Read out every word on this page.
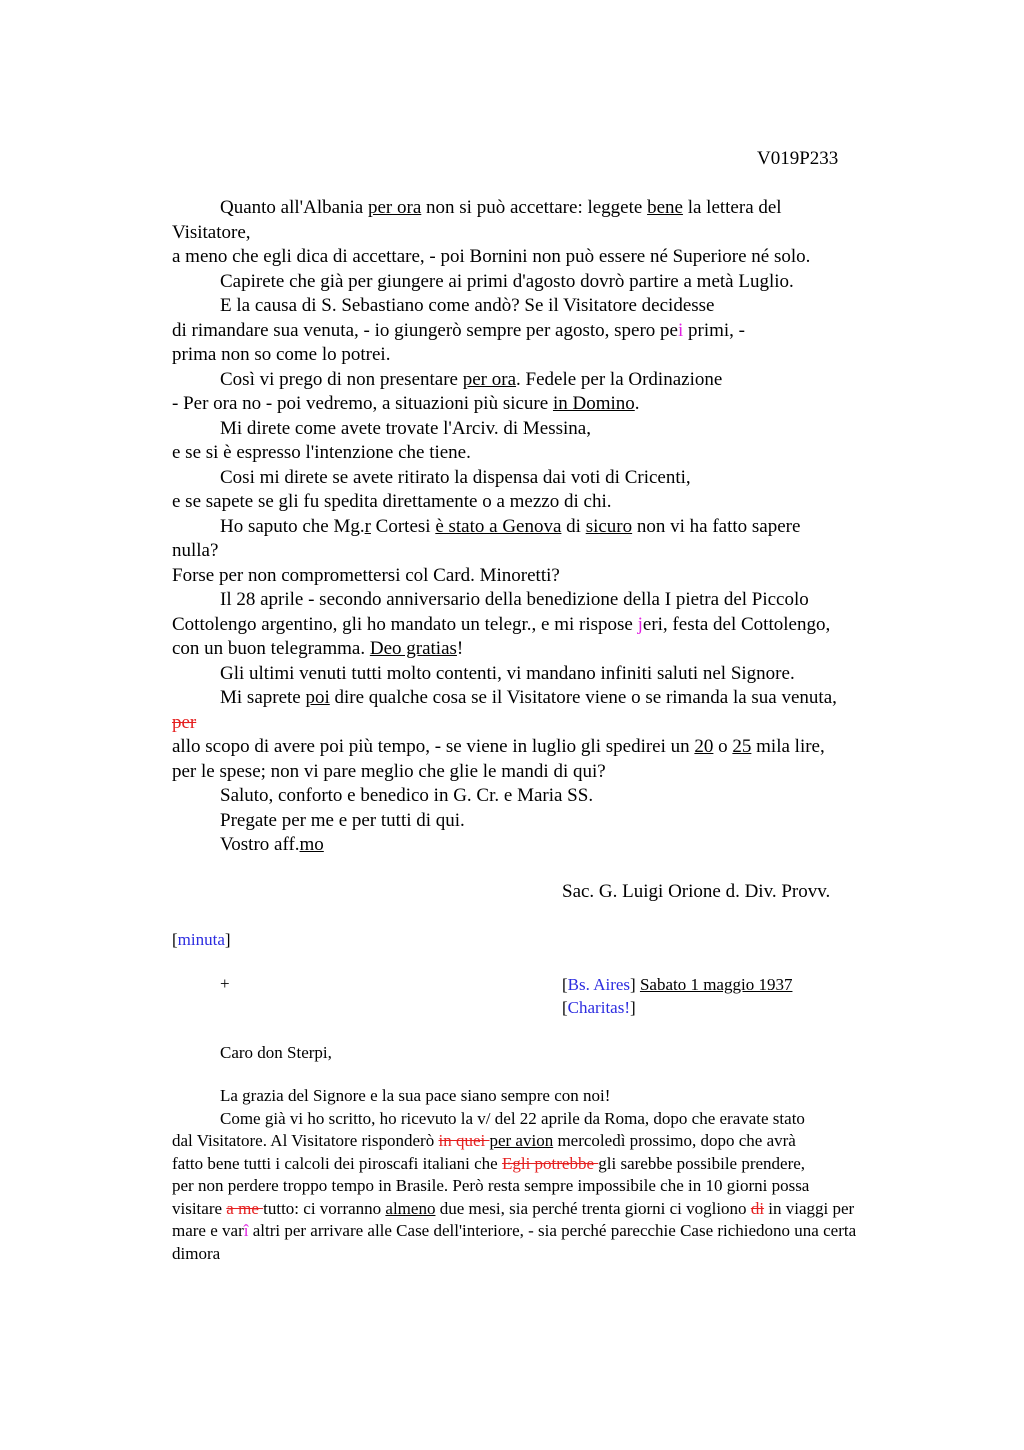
V019P233
Quanto all'Albania per ora non si può accettare: leggete bene la lettera del
Visitatore,
a meno che egli dica di accettare, - poi Bornini non può essere né Superiore né solo.
Capirete che già per giungere ai primi d'agosto dovrò partire a metà Luglio.
E la causa di S. Sebastiano come andò? Se il Visitatore decidesse
di rimandare sua venuta, - io giungerò sempre per agosto, spero pei primi, -
prima non so come lo potrei.
Così vi prego di non presentare per ora. Fedele per la Ordinazione
- Per ora no - poi vedremo, a situazioni più sicure in Domino.
Mi direte come avete trovate l'Arciv. di Messina,
e se si è espresso l'intenzione che tiene.
Cosi mi direte se avete ritirato la dispensa dai voti di Cricenti,
e se sapete se gli fu spedita direttamente o a mezzo di chi.
Ho saputo che Mg.r Cortesi è stato a Genova di sicuro non vi ha fatto sapere
nulla?
Forse per non compromettersi col Card. Minoretti?
Il 28 aprile - secondo anniversario della benedizione della I pietra del Piccolo
Cottolengo argentino, gli ho mandato un telegr., e mi rispose jeri, festa del Cottolengo,
con un buon telegramma. Deo gratias!
Gli ultimi venuti tutti molto contenti, vi mandano infiniti saluti nel Signore.
Mi saprete poi dire qualche cosa se il Visitatore viene o se rimanda la sua venuta,
per
allo scopo di avere poi più tempo, - se viene in luglio gli spedirei un 20 o 25 mila lire,
per le spese; non vi pare meglio che glie le mandi di qui?
Saluto, conforto e benedico in G. Cr. e Maria SS.
Pregate per me e per tutti di qui.
Vostro aff.mo
Sac. G. Luigi Orione d. Div. Provv.
[minuta]
+	[Bs. Aires] Sabato 1 maggio 1937
[Charitas!]
Caro don Sterpi,
La grazia del Signore e la sua pace siano sempre con noi!
Come già vi ho scritto, ho ricevuto la v/ del 22 aprile da Roma, dopo che eravate stato
dal Visitatore. Al Visitatore risponderò in quei per avion mercoledì prossimo, dopo che avrà
fatto bene tutti i calcoli dei piroscafi italiani che Egli potrebbe gli sarebbe possibile prendere,
per non perdere troppo tempo in Brasile. Però resta sempre impossibile che in 10 giorni possa
visitare a me tutto: ci vorranno almeno due mesi, sia perché trenta giorni ci vogliono di in viaggi per
mare e varî altri per arrivare alle Case dell'interiore, - sia perché parecchie Case richiedono una certa
dimora
